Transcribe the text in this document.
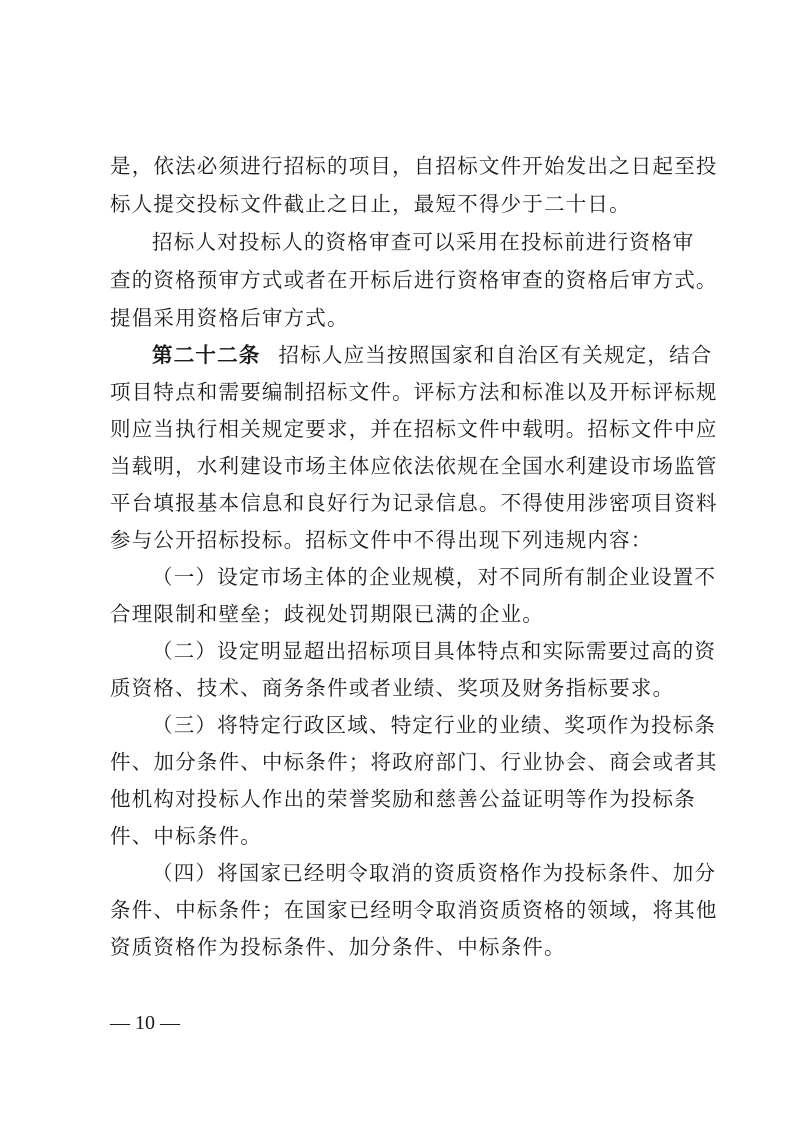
是，依法必须进行招标的项目，自招标文件开始发出之日起至投
标人提交投标文件截止之日止，最短不得少于二十日。
招标人对投标人的资格审查可以采用在投标前进行资格审
查的资格预审方式或者在开标后进行资格审查的资格后审方式。
提倡采用资格后审方式。
第二十二条 招标人应当按照国家和自治区有关规定，结合
项目特点和需要编制招标文件。评标方法和标准以及开标评标规
则应当执行相关规定要求，并在招标文件中载明。招标文件中应
当载明，水利建设市场主体应依法依规在全国水利建设市场监管
平台填报基本信息和良好行为记录信息。不得使用涉密项目资料
参与公开招标投标。招标文件中不得出现下列违规内容：
（一）设定市场主体的企业规模，对不同所有制企业设置不
合理限制和壁垒；歧视处罚期限已满的企业。
（二）设定明显超出招标项目具体特点和实际需要过高的资
质资格、技术、商务条件或者业绩、奖项及财务指标要求。
（三）将特定行政区域、特定行业的业绩、奖项作为投标条
件、加分条件、中标条件；将政府部门、行业协会、商会或者其
他机构对投标人作出的荣誉奖励和慈善公益证明等作为投标条
件、中标条件。
（四）将国家已经明令取消的资质资格作为投标条件、加分
条件、中标条件；在国家已经明令取消资质资格的领域，将其他
资质资格作为投标条件、加分条件、中标条件。
— 10 —
